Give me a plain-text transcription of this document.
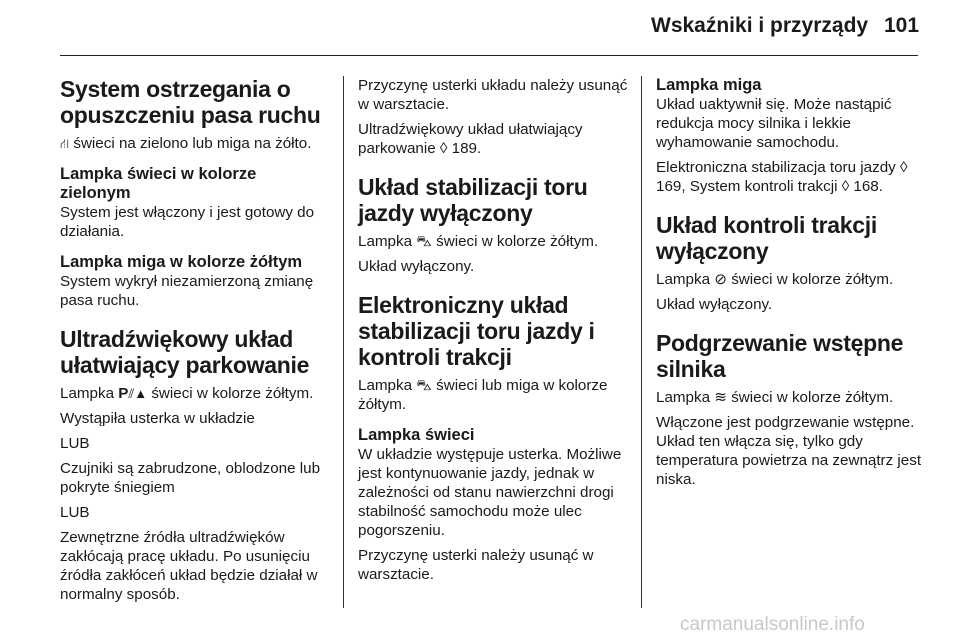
Wskaźniki i przyrządy 101
System ostrzegania o opuszczeniu pasa ruchu

⛙ świeci na zielono lub miga na żółto.

Lampka świeci w kolorze zielonym

System jest włączony i jest gotowy do działania.

Lampka miga w kolorze żółtym

System wykrył niezamierzoną zmianę pasa ruchu.

Ultradźwiękowy układ ułatwiający parkowanie

Lampka P⫽▲ świeci w kolorze żółtym.

Wystąpiła usterka w układzie

LUB

Czujniki są zabrudzone, oblodzone lub pokryte śniegiem

LUB

Zewnętrzne źródła ultradźwięków zakłócają pracę układu. Po usunięciu źródła zakłóceń układ będzie działał w normalny sposób.

Przyczynę usterki układu należy usunąć w warsztacie.

Ultradźwiękowy układ ułatwiający parkowanie ◊ 189.

Układ stabilizacji toru jazdy wyłączony

Lampka ⛍ świeci w kolorze żółtym.

Układ wyłączony.

Elektroniczny układ stabilizacji toru jazdy i kontroli trakcji

Lampka ⛍ świeci lub miga w kolorze żółtym.

Lampka świeci

W układzie występuje usterka. Możliwe jest kontynuowanie jazdy, jednak w zależności od stanu nawierzchni drogi stabilność samochodu może ulec pogorszeniu.

Przyczynę usterki należy usunąć w warsztacie.

Lampka miga

Układ uaktywnił się. Może nastąpić redukcja mocy silnika i lekkie wyhamowanie samochodu.

Elektroniczna stabilizacja toru jazdy ◊ 169, System kontroli trakcji ◊ 168.

Układ kontroli trakcji wyłączony

Lampka ⊘ świeci w kolorze żółtym.

Układ wyłączony.

Podgrzewanie wstępne silnika

Lampka ≋ świeci w kolorze żółtym.

Włączone jest podgrzewanie wstępne. Układ ten włącza się, tylko gdy temperatura powietrza na zewnątrz jest niska.

carmanualsonline.info
